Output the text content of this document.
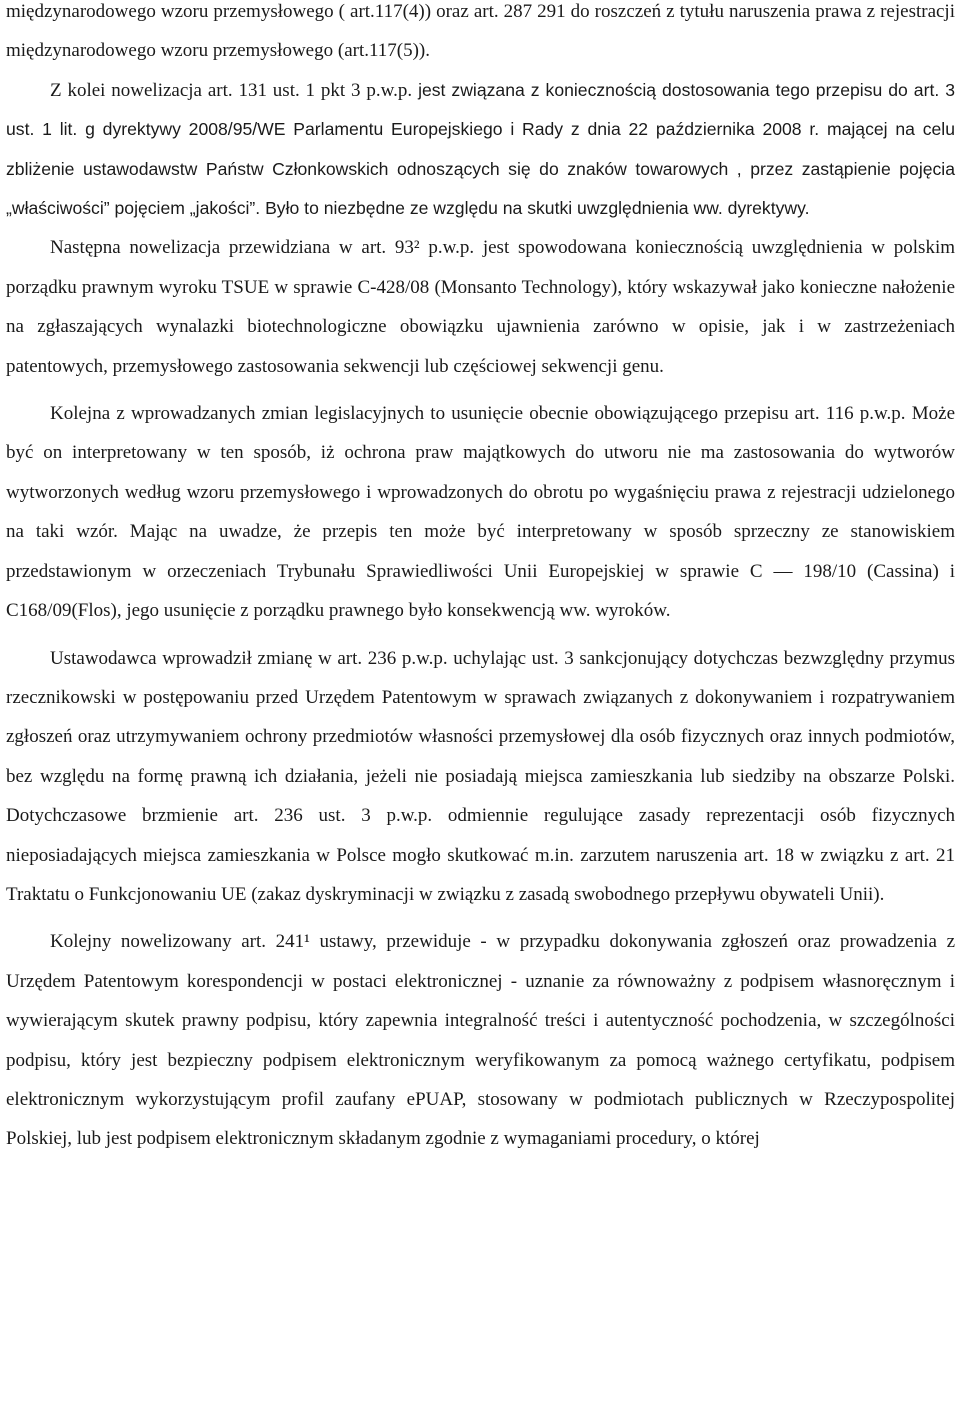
międzynarodowego wzoru przemysłowego ( art.117(4)) oraz art. 287 291 do roszczeń z tytułu naruszenia prawa z rejestracji międzynarodowego wzoru przemysłowego (art.117(5)).

Z kolei nowelizacja art. 131 ust. 1 pkt 3 p.w.p. jest związana z koniecznością dostosowania tego przepisu do art. 3 ust. 1 lit. g dyrektywy 2008/95/WE Parlamentu Europejskiego i Rady z dnia 22 października 2008 r. mającej na celu zbliżenie ustawodawstw Państw Członkowskich odnoszących się do znaków towarowych , przez zastąpienie pojęcia „właściwości” pojęciem „jakości”. Było to niezbędne ze względu na skutki uwzględnienia ww. dyrektywy.

Następna nowelizacja przewidziana w art. 93² p.w.p. jest spowodowana koniecznością uwzględnienia w polskim porządku prawnym wyroku TSUE w sprawie C-428/08 (Monsanto Technology), który wskazywał jako konieczne nałożenie na zgłaszających wynalazki biotechnologiczne obowiązku ujawnienia zarówno w opisie, jak i w zastrzeżeniach patentowych, przemysłowego zastosowania sekwencji lub częściowej sekwencji genu.

Kolejna z wprowadzanych zmian legislacyjnych to usunięcie obecnie obowiązującego przepisu art. 116 p.w.p. Może być on interpretowany w ten sposób, iż ochrona praw majątkowych do utworu nie ma zastosowania do wytworów wytworzonych według wzoru przemysłowego i wprowadzonych do obrotu po wygaśnięciu prawa z rejestracji udzielonego na taki wzór. Mając na uwadze, że przepis ten może być interpretowany w sposób sprzeczny ze stanowiskiem przedstawionym w orzeczeniach Trybunału Sprawiedliwości Unii Europejskiej w sprawie C — 198/10 (Cassina) i C168/09(Flos), jego usunięcie z porządku prawnego było konsekwencją ww. wyroków.

Ustawodawca wprowadził zmianę w art. 236 p.w.p. uchylając ust. 3 sankcjonujący dotychczas bezwzględny przymus rzecznikowski w postępowaniu przed Urzędem Patentowym w sprawach związanych z dokonywaniem i rozpatrywaniem zgłoszeń oraz utrzymywaniem ochrony przedmiotów własności przemysłowej dla osób fizycznych oraz innych podmiotów, bez względu na formę prawną ich działania, jeżeli nie posiadają miejsca zamieszkania lub siedziby na obszarze Polski. Dotychczasowe brzmienie art. 236 ust. 3 p.w.p. odmiennie regulujące zasady reprezentacji osób fizycznych nieposiadających miejsca zamieszkania w Polsce mogło skutkować m.in. zarzutem naruszenia art. 18 w związku z art. 21 Traktatu o Funkcjonowaniu UE (zakaz dyskryminacji w związku z zasadą swobodnego przepływu obywateli Unii).

Kolejny nowelizowany art. 241¹ ustawy, przewiduje - w przypadku dokonywania zgłoszeń oraz prowadzenia z Urzędem Patentowym korespondencji w postaci elektronicznej - uznanie za równoważny z podpisem własnoręcznym i wywierającym skutek prawny podpisu, który zapewnia integralność treści i autentyczność pochodzenia, w szczególności podpisu, który jest bezpieczny podpisem elektronicznym weryfikowanym za pomocą ważnego certyfikatu, podpisem elektronicznym wykorzystującym profil zaufany ePUAP, stosowany w podmiotach publicznych w Rzeczypospolitej Polskiej, lub jest podpisem elektronicznym składanym zgodnie z wymaganiami procedury, o której
